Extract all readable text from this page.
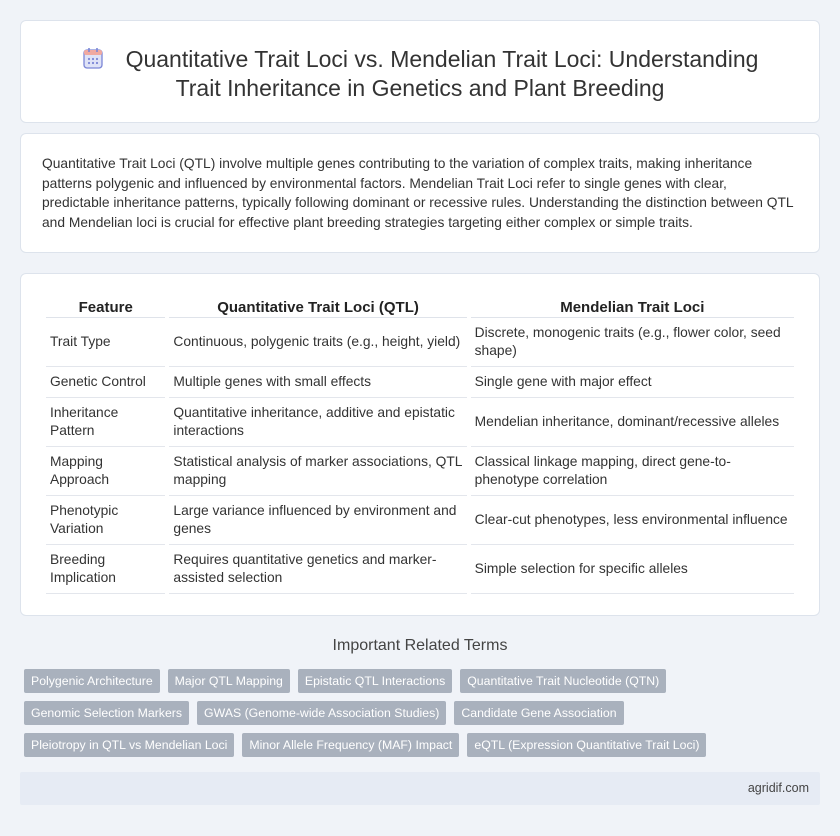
Quantitative Trait Loci vs. Mendelian Trait Loci: Understanding
Trait Inheritance in Genetics and Plant Breeding

Quantitative Trait Loci (QTL) involve multiple genes contributing to the variation of complex traits, making inheritance patterns polygenic and influenced by environmental factors. Mendelian Trait Loci refer to single genes with clear, predictable inheritance patterns, typically following dominant or recessive rules. Understanding the distinction between QTL and Mendelian loci is crucial for effective plant breeding strategies targeting either complex or simple traits.

Feature	Quantitative Trait Loci (QTL)	Mendelian Trait Loci
Trait Type	Continuous, polygenic traits (e.g., height, yield)	Discrete, monogenic traits (e.g., flower color, seed shape)
Genetic Control	Multiple genes with small effects	Single gene with major effect
Inheritance Pattern	Quantitative inheritance, additive and epistatic interactions	Mendelian inheritance, dominant/recessive alleles
Mapping Approach	Statistical analysis of marker associations, QTL mapping	Classical linkage mapping, direct gene-to-phenotype correlation
Phenotypic Variation	Large variance influenced by environment and genes	Clear-cut phenotypes, less environmental influence
Breeding Implication	Requires quantitative genetics and marker-assisted selection	Simple selection for specific alleles
Important Related Terms
Polygenic Architecture	Major QTL Mapping	Epistatic QTL Interactions	Quantitative Trait Nucleotide (QTN)
Genomic Selection Markers	GWAS (Genome-wide Association Studies)	Candidate Gene Association
Pleiotropy in QTL vs Mendelian Loci	Minor Allele Frequency (MAF) Impact	eQTL (Expression Quantitative Trait Loci)
agridif.com
